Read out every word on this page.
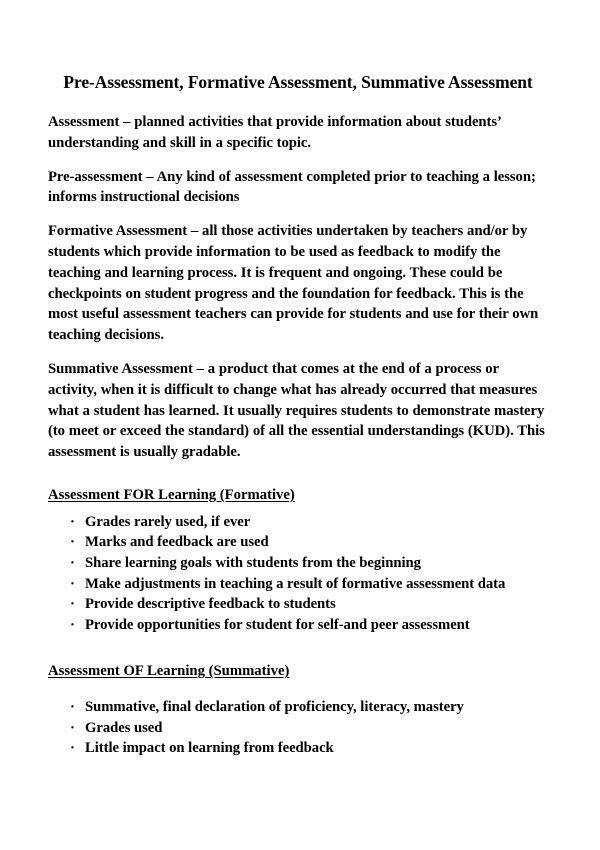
Pre-Assessment, Formative Assessment, Summative Assessment

Assessment – planned activities that provide information about students’ understanding and skill in a specific topic.

Pre-assessment – Any kind of assessment completed prior to teaching a lesson; informs instructional decisions

Formative Assessment – all those activities undertaken by teachers and/or by students which provide information to be used as feedback to modify the teaching and learning process. It is frequent and ongoing. These could be checkpoints on student progress and the foundation for feedback. This is the most useful assessment teachers can provide for students and use for their own teaching decisions.

Summative Assessment – a product that comes at the end of a process or activity, when it is difficult to change what has already occurred that measures what a student has learned. It usually requires students to demonstrate mastery (to meet or exceed the standard) of all the essential understandings (KUD). This assessment is usually gradable.

Assessment FOR Learning (Formative)
· Grades rarely used, if ever
· Marks and feedback are used
· Share learning goals with students from the beginning
· Make adjustments in teaching a result of formative assessment data
· Provide descriptive feedback to students
· Provide opportunities for student for self-and peer assessment
Assessment OF Learning (Summative)
· Summative, final declaration of proficiency, literacy, mastery
· Grades used
· Little impact on learning from feedback
